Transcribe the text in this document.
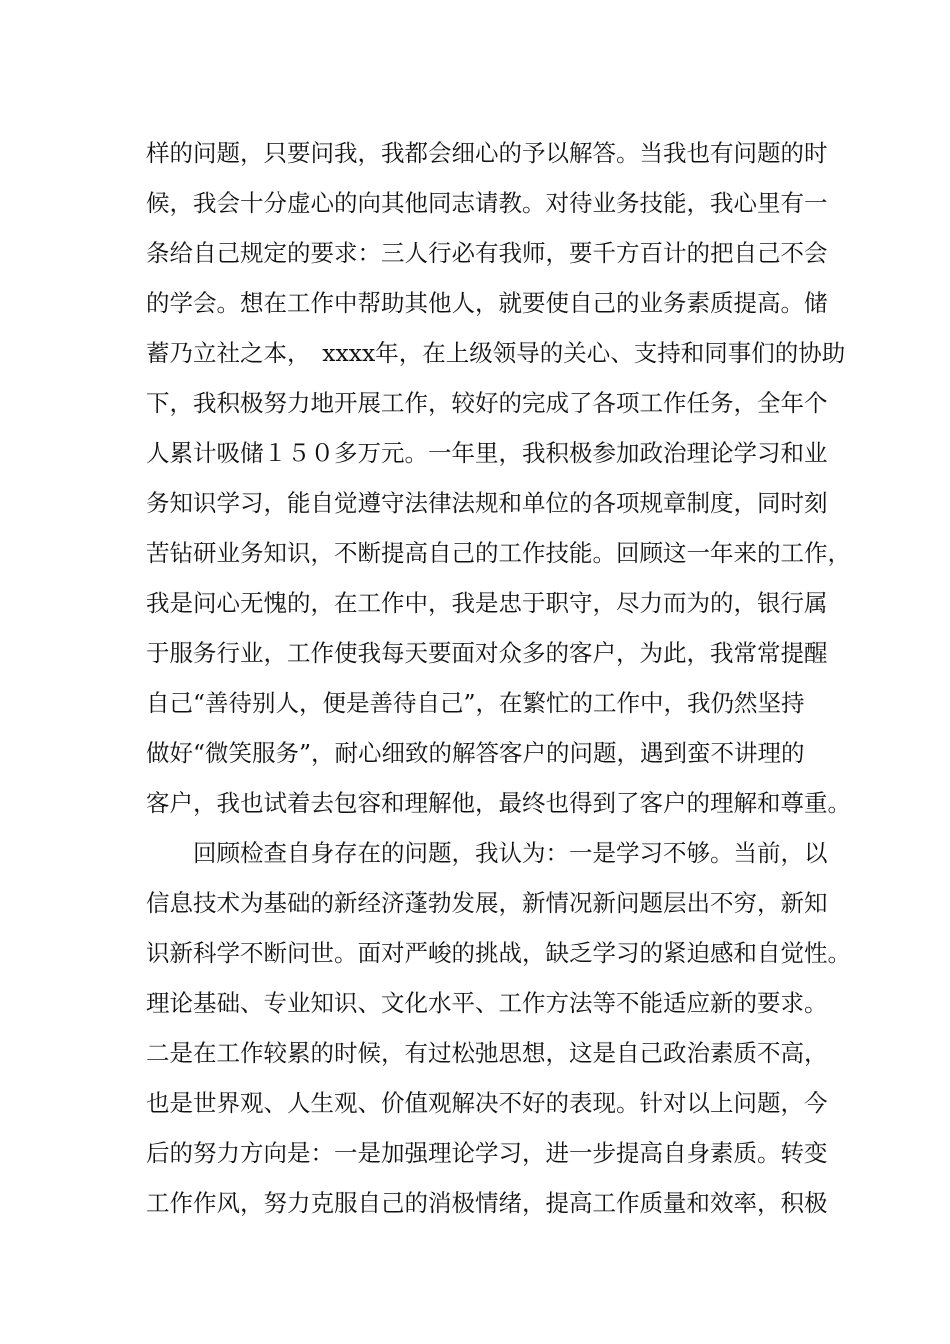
样的问题，只要问我，我都会细心的予以解答。当我也有问题的时
候，我会十分虚心的向其他同志请教。对待业务技能，我心里有一
条给自己规定的要求：三人行必有我师，要千方百计的把自己不会
的学会。想在工作中帮助其他人，就要使自己的业务素质提高。储
蓄乃立社之本，　xxxx年，在上级领导的关心、支持和同事们的协助
下，我积极努力地开展工作，较好的完成了各项工作任务，全年个
人累计吸储１５０多万元。一年里，我积极参加政治理论学习和业
务知识学习，能自觉遵守法律法规和单位的各项规章制度，同时刻
苦钻研业务知识，不断提高自己的工作技能。回顾这一年来的工作，
我是问心无愧的，在工作中，我是忠于职守，尽力而为的，银行属
于服务行业，工作使我每天要面对众多的客户，为此，我常常提醒
自己“善待别人，便是善待自己”，在繁忙的工作中，我仍然坚持
做好“微笑服务”，耐心细致的解答客户的问题，遇到蛮不讲理的
客户，我也试着去包容和理解他，最终也得到了客户的理解和尊重。
回顾检查自身存在的问题，我认为：一是学习不够。当前，以
信息技术为基础的新经济蓬勃发展，新情况新问题层出不穷，新知
识新科学不断问世。面对严峻的挑战，缺乏学习的紧迫感和自觉性。
理论基础、专业知识、文化水平、工作方法等不能适应新的要求。
二是在工作较累的时候，有过松弛思想，这是自己政治素质不高，
也是世界观、人生观、价值观解决不好的表现。针对以上问题，今
后的努力方向是：一是加强理论学习，进一步提高自身素质。转变
工作作风，努力克服自己的消极情绪，提高工作质量和效率，积极
